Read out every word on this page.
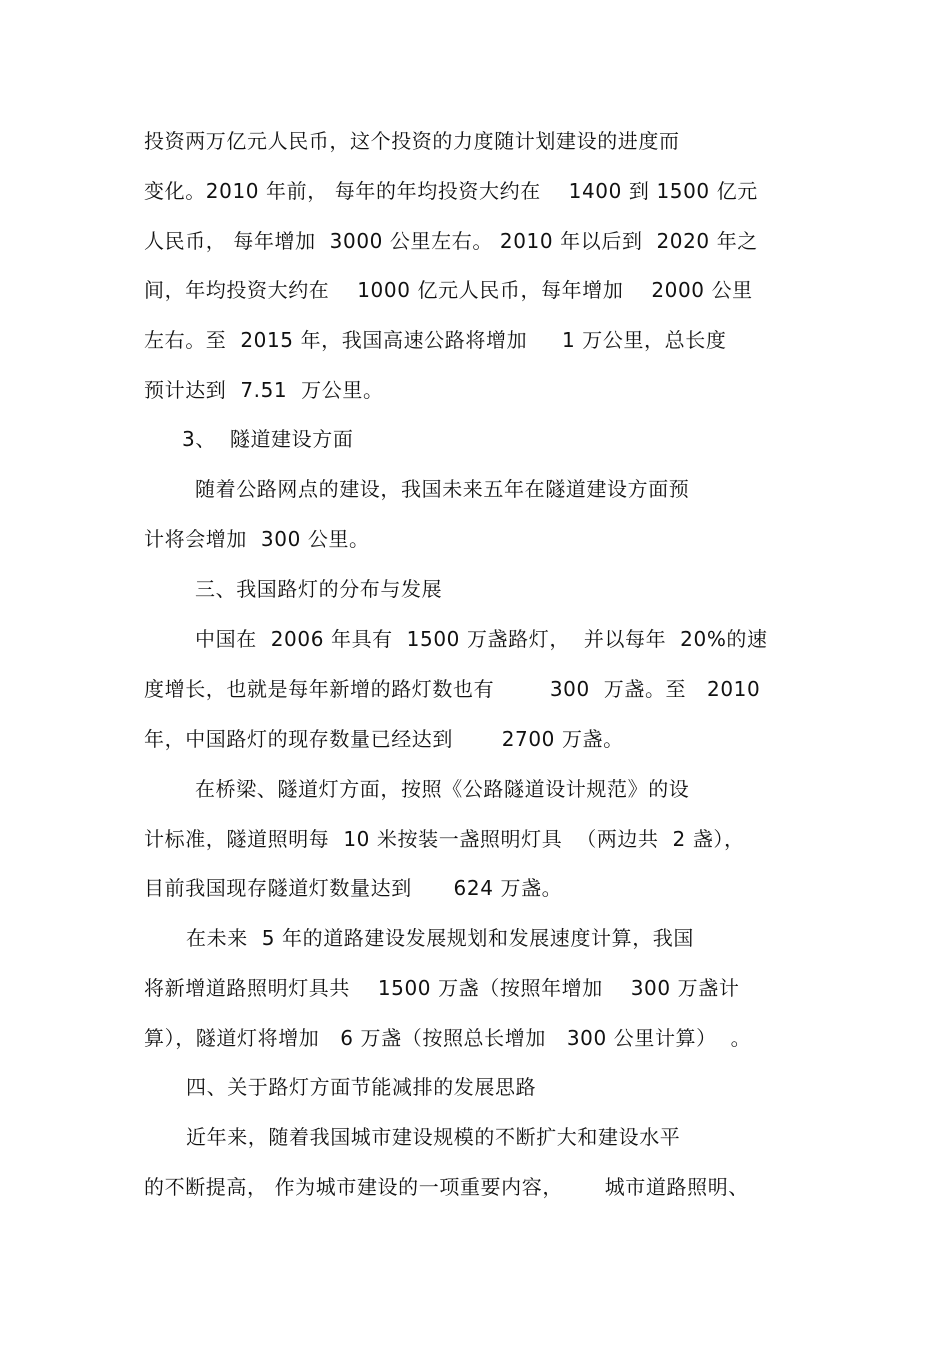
投资两万亿元人民币，这个投资的力度随计划建设的进度而
变化。2010 年前， 每年的年均投资大约在    1400 到 1500 亿元
人民币， 每年增加  3000 公里左右。 2010 年以后到  2020 年之
间，年均投资大约在    1000 亿元人民币，每年增加    2000 公里
左右。至  2015 年，我国高速公路将增加     1 万公里，总长度
预计达到  7.51  万公里。
3、  隧道建设方面
随着公路网点的建设，我国未来五年在隧道建设方面预
计将会增加  300 公里。
三、我国路灯的分布与发展
中国在  2006 年具有  1500 万盏路灯，  并以每年  20%的速
度增长，也就是每年新增的路灯数也有        300  万盏。至   2010
年，中国路灯的现存数量已经达到       2700 万盏。
在桥梁、隧道灯方面，按照《公路隧道设计规范》的设
计标准，隧道照明每  10 米按装一盏照明灯具  （两边共  2 盏），
目前我国现存隧道灯数量达到      624 万盏。
在未来  5 年的道路建设发展规划和发展速度计算，我国
将新增道路照明灯具共    1500 万盏（按照年增加    300 万盏计
算），隧道灯将增加   6 万盏（按照总长增加   300 公里计算）  。
四、关于路灯方面节能减排的发展思路
近年来，随着我国城市建设规模的不断扩大和建设水平
的不断提高， 作为城市建设的一项重要内容，      城市道路照明、
